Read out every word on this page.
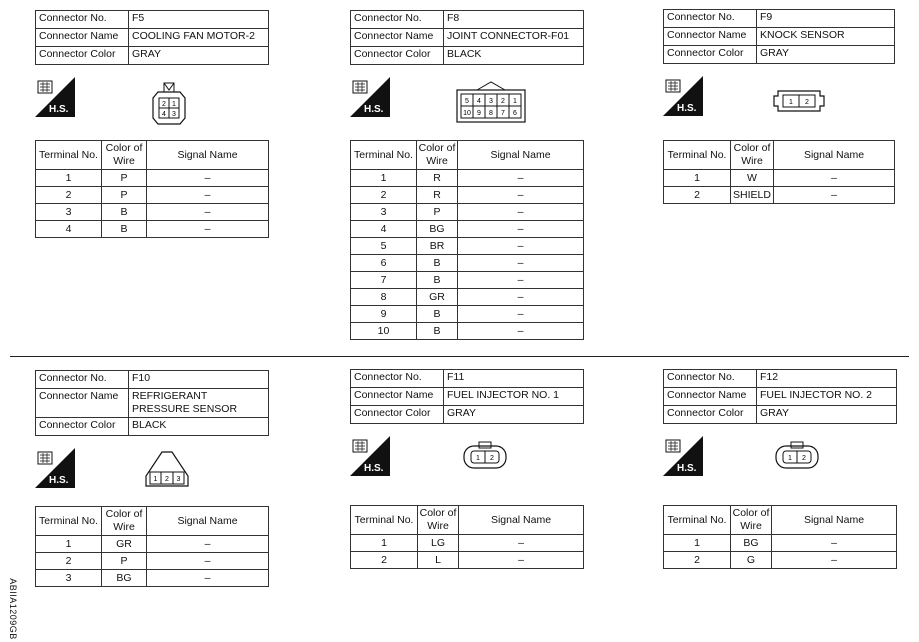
Connector No.	F5
Connector Name	COOLING FAN MOTOR-2
Connector Color	GRAY
H.S.	2 1
4 3
Terminal No.	Color of Wire	Signal Name
1	P	–
2	P	–
3	B	–
4	B	–
Connector No.	F8
Connector Name	JOINT CONNECTOR-F01
Connector Color	BLACK
H.S.
5 4 3 2 1
10 9 8 7 6
Terminal No.	Color of Wire	Signal Name
1	R	–
2	R	–
3	P	–
4	BG	–
5	BR	–
6	B	–
7	B	–
8	GR	–
9	B	–
10	B	–
Connector No.	F9
Connector Name	KNOCK SENSOR
Connector Color	GRAY
H.S.
1 2
Terminal No.	Color of Wire	Signal Name
1	W	–
2	SHIELD	–
Connector No.	F10
Connector Name	REFRIGERANT PRESSURE SENSOR
Connector Color	BLACK
H.S.	1 2 3
Terminal No.	Color of Wire	Signal Name
1	GR	–
2	P	–
3	BG	–
Connector No.	F11
Connector Name	FUEL INJECTOR NO. 1
Connector Color	GRAY
H.S.
1 2
Terminal No.	Color of Wire	Signal Name
1	LG	–
2	L	–
Connector No.	F12
Connector Name	FUEL INJECTOR NO. 2
Connector Color	GRAY
H.S.
1 2
Terminal No.	Color of Wire	Signal Name
1	BG	–
2	G	–
ABIIA1209GB
